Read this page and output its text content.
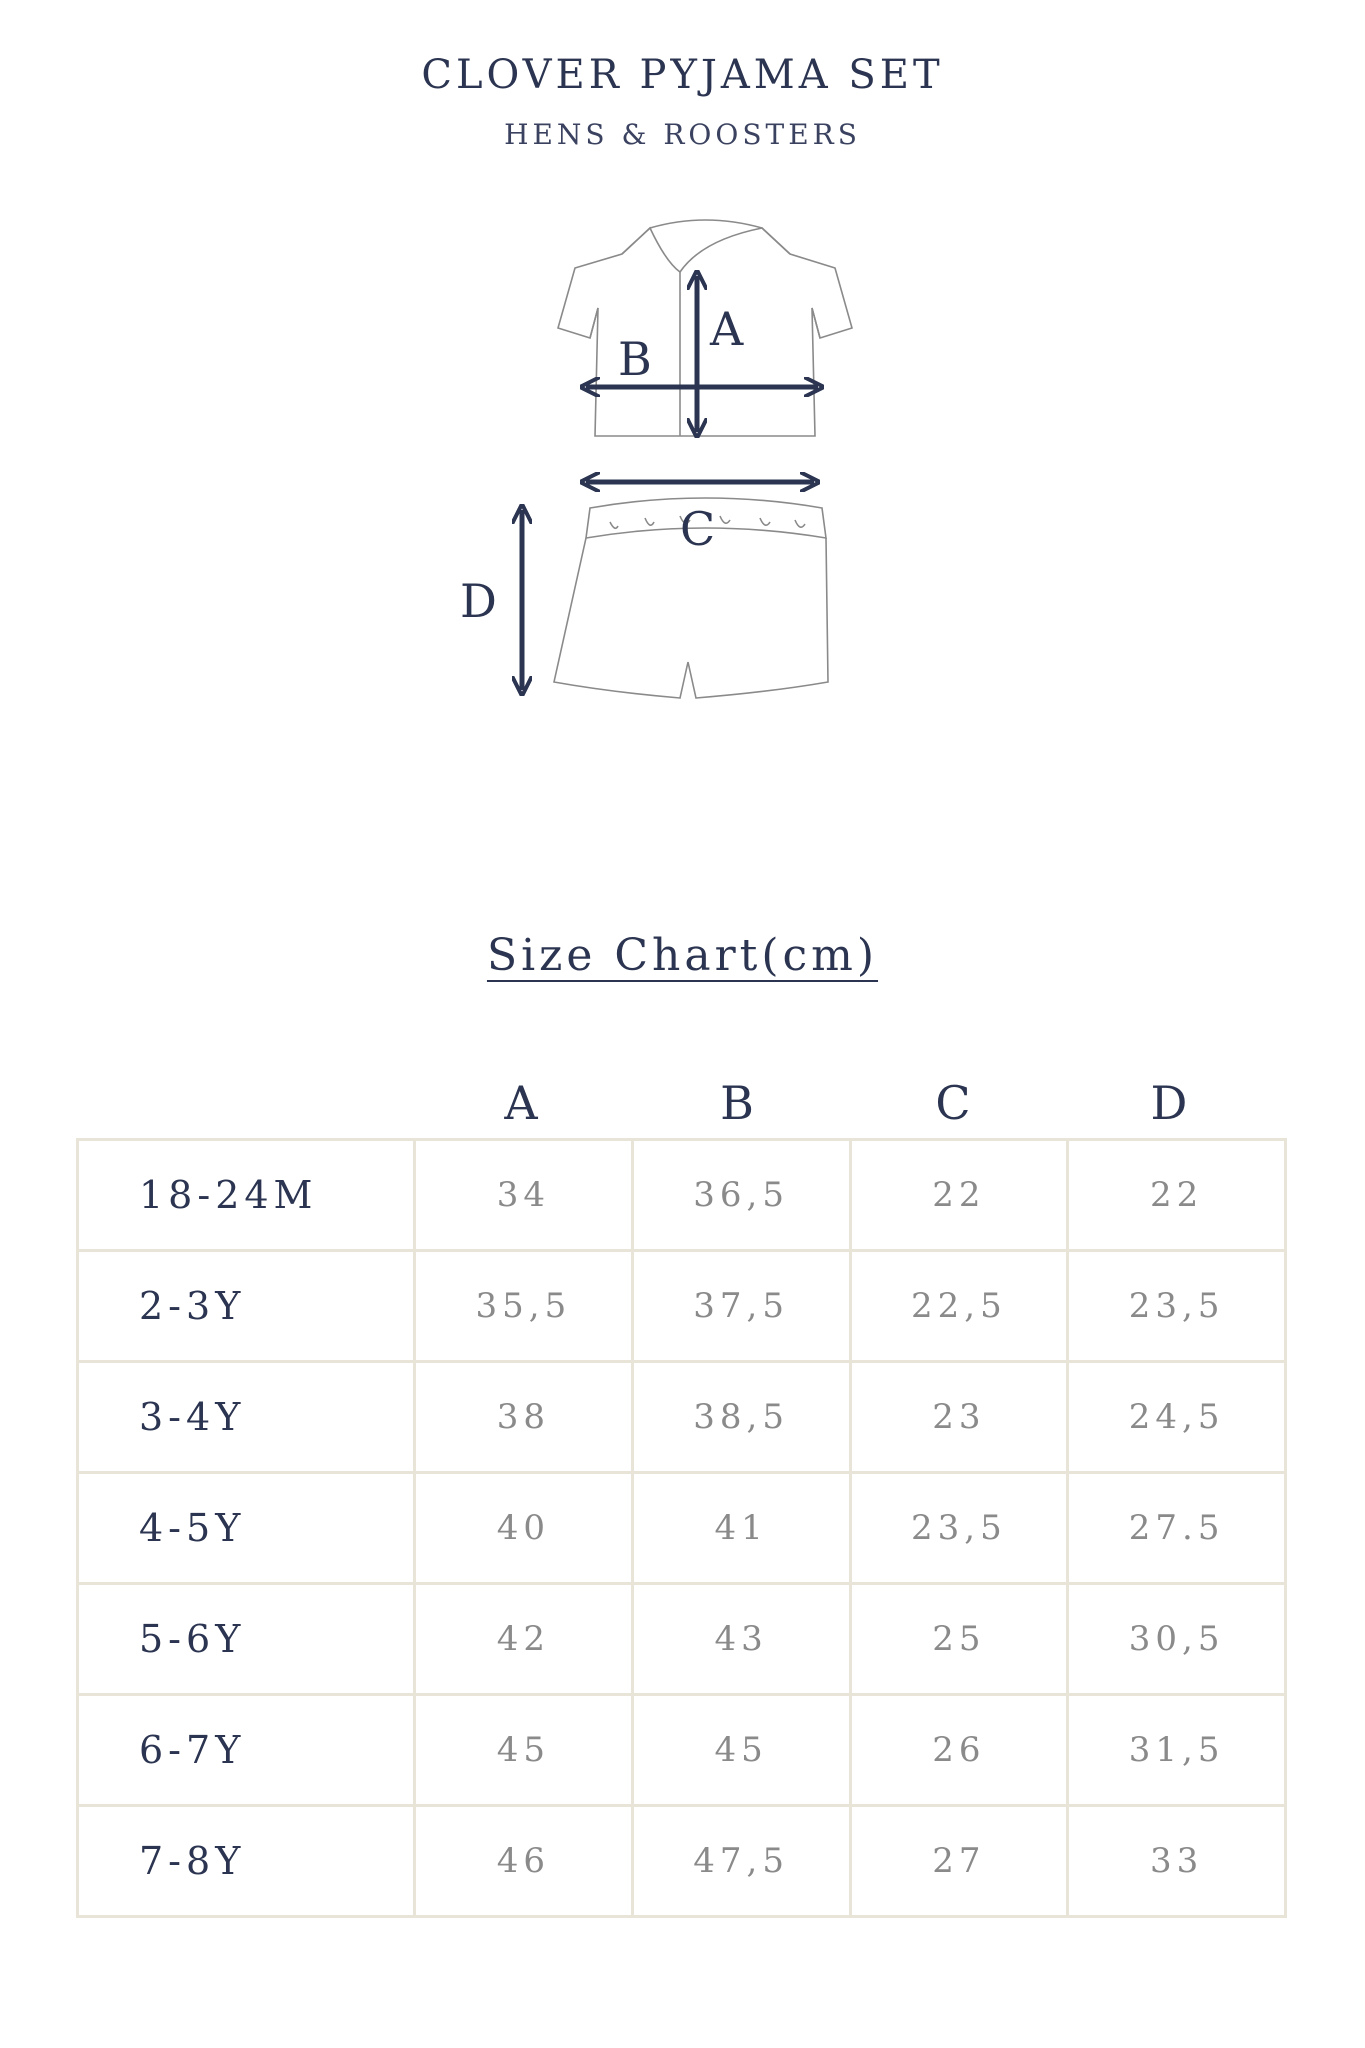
CLOVER PYJAMA SET
HENS & ROOSTERS
A
B
C
D
Size Chart(cm)
A	B	C	D
18-24M	34	36,5	22	22
2-3Y	35,5	37,5	22,5	23,5
3-4Y	38	38,5	23	24,5
4-5Y	40	41	23,5	27.5
5-6Y	42	43	25	30,5
6-7Y	45	45	26	31,5
7-8Y	46	47,5	27	33
